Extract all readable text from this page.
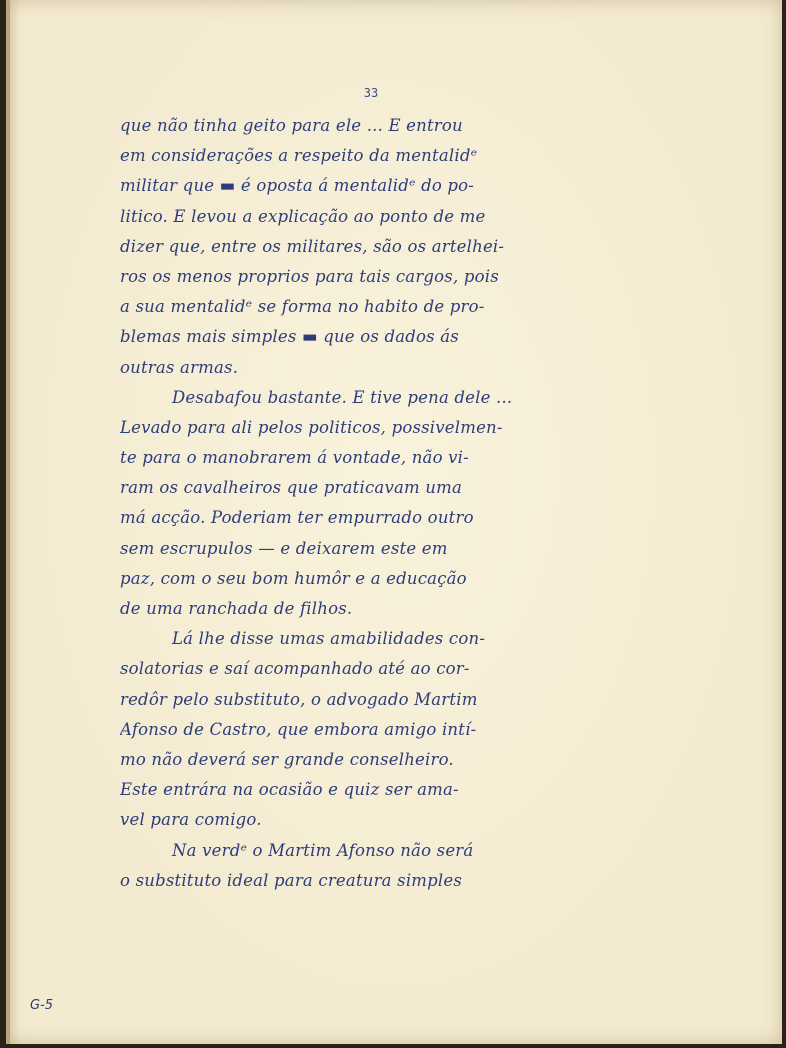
33
que não tinha geito para ele ... E entrou
em considerações a respeito da mentalidᵉ
militar que ▬ é oposta á mentalidᵉ do po-
litico. E levou a explicação ao ponto de me
dizer que, entre os militares, são os artelhei-
ros os menos proprios para tais cargos, pois
a sua mentalidᵉ se forma no habito de pro-
blemas mais simples ▬ que os dados ás
outras armas.
Desabafou bastante. E tive pena dele ...
Levado para ali pelos politicos, possivelmen-
te para o manobrarem á vontade, não vi-
ram os cavalheiros que praticavam uma
má acção. Poderiam ter empurrado outro
sem escrupulos — e deixarem este em
paz, com o seu bom humôr e a educação
de uma ranchada de filhos.
Lá lhe disse umas amabilidades con-
solatorias e saí acompanhado até ao cor-
redôr pelo substituto, o advogado Martim
Afonso de Castro, que embora amigo intí-
mo não deverá ser grande conselheiro.
Este entrára na ocasião e quiz ser ama-
vel para comigo.
Na verdᵉ o Martim Afonso não será
o substituto ideal para creatura simples
G-5
